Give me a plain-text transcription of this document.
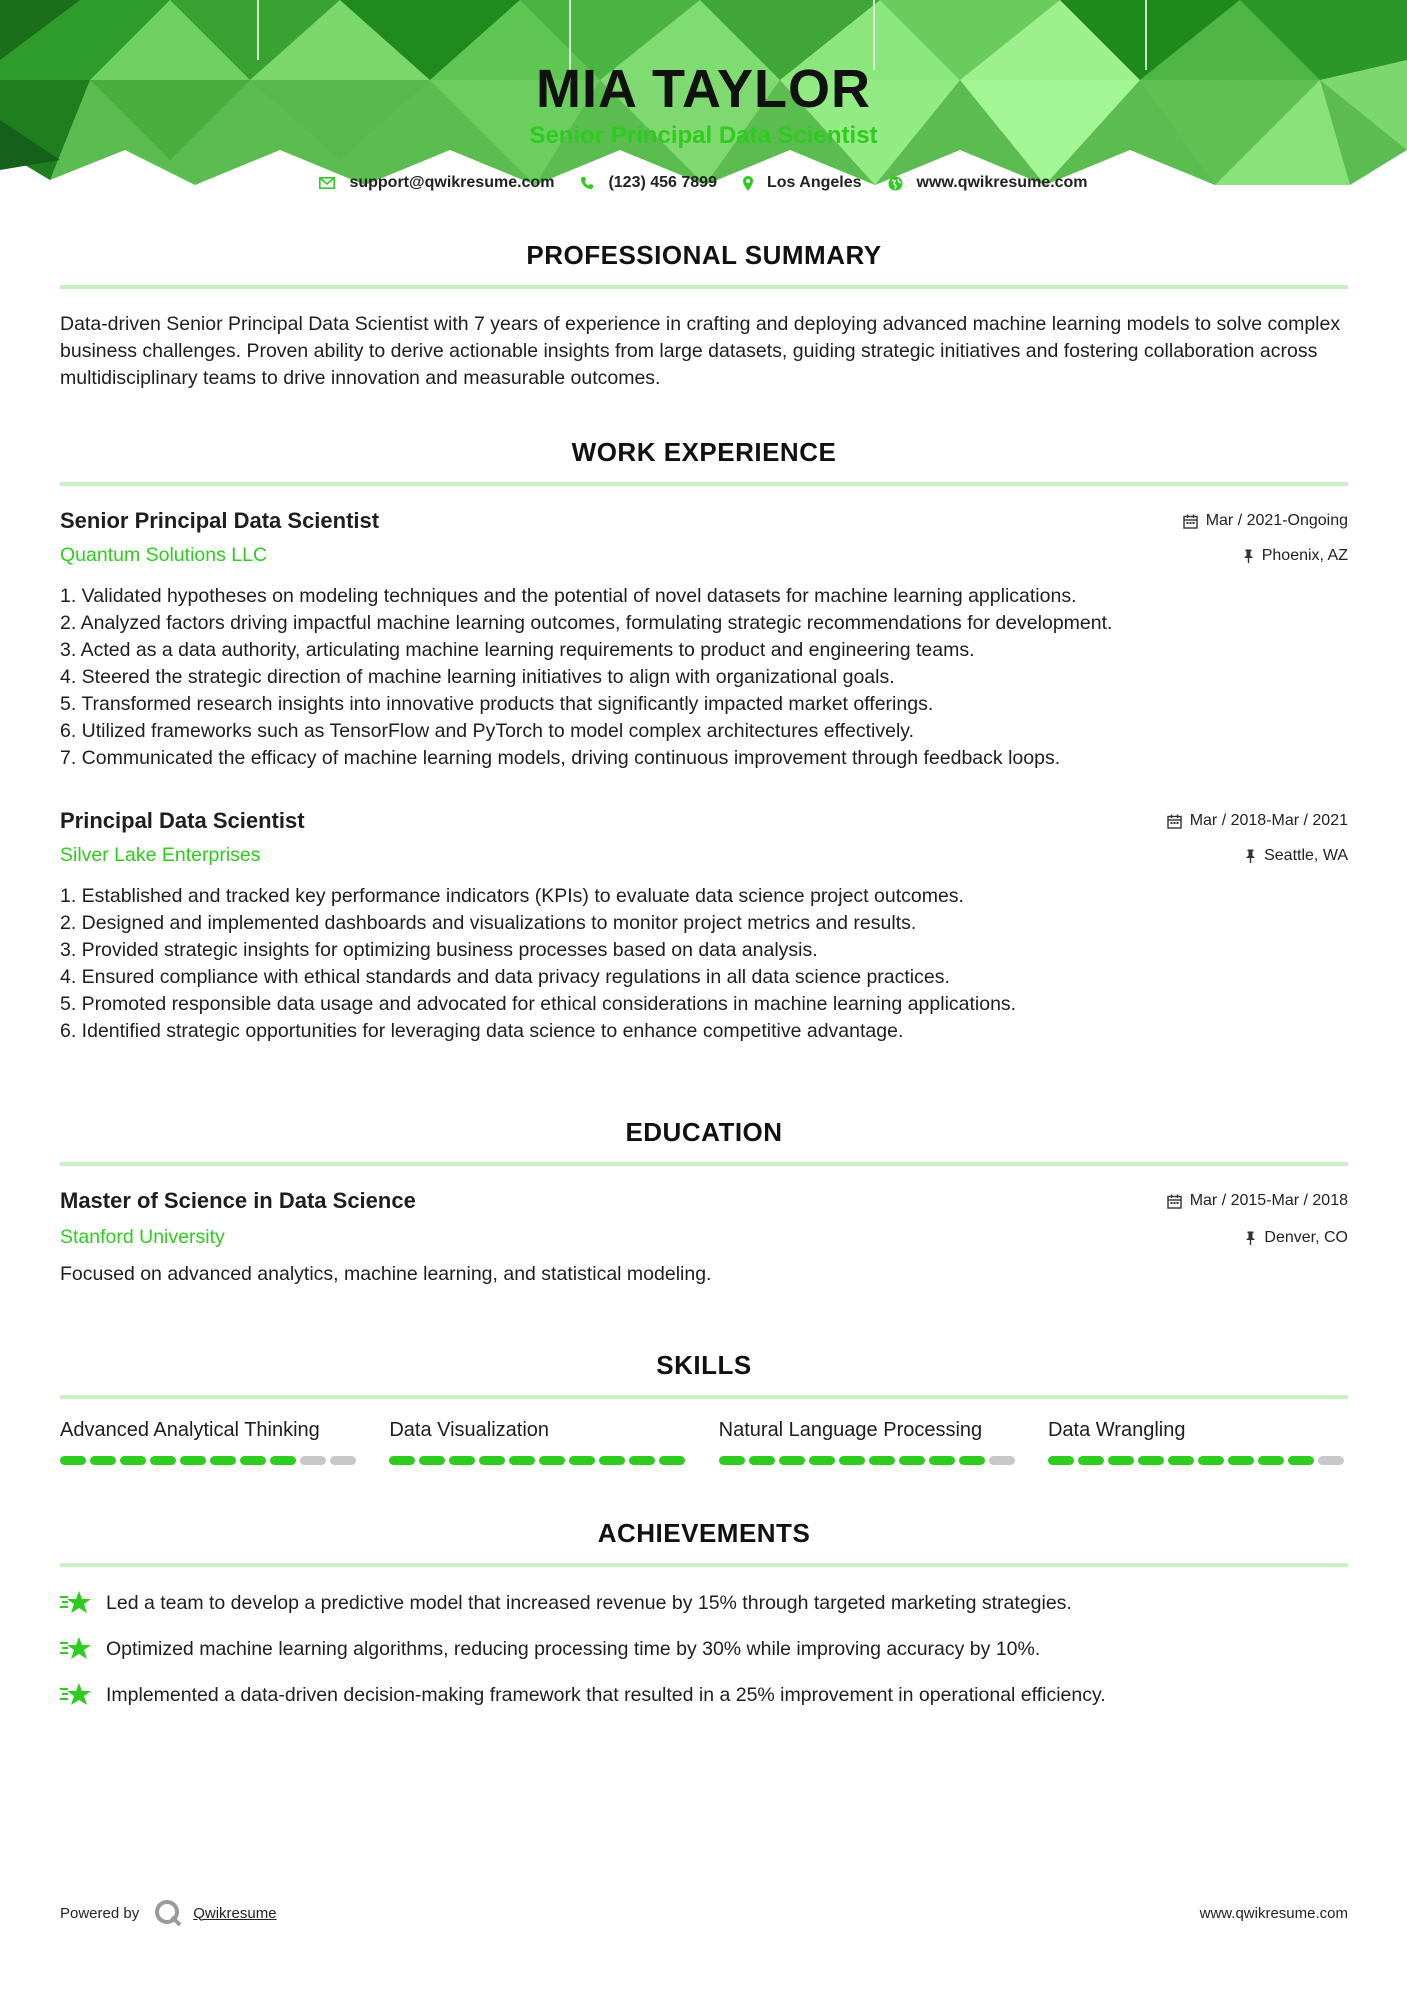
MIA TAYLOR
Senior Principal Data Scientist
support@qwikresume.com	(123) 456 7899	Los Angeles	www.qwikresume.com
PROFESSIONAL SUMMARY

Data-driven Senior Principal Data Scientist with 7 years of experience in crafting and deploying advanced machine learning models to solve complex business challenges. Proven ability to derive actionable insights from large datasets, guiding strategic initiatives and fostering collaboration across multidisciplinary teams to drive innovation and measurable outcomes.

WORK EXPERIENCE
Senior Principal Data Scientist	Mar / 2021-Ongoing
Quantum Solutions LLC	Phoenix, AZ
1. Validated hypotheses on modeling techniques and the potential of novel datasets for machine learning applications.
2. Analyzed factors driving impactful machine learning outcomes, formulating strategic recommendations for development.
3. Acted as a data authority, articulating machine learning requirements to product and engineering teams.
4. Steered the strategic direction of machine learning initiatives to align with organizational goals.
5. Transformed research insights into innovative products that significantly impacted market offerings.
6. Utilized frameworks such as TensorFlow and PyTorch to model complex architectures effectively.
7. Communicated the efficacy of machine learning models, driving continuous improvement through feedback loops.
Principal Data Scientist	Mar / 2018-Mar / 2021
Silver Lake Enterprises	Seattle, WA
1. Established and tracked key performance indicators (KPIs) to evaluate data science project outcomes.
2. Designed and implemented dashboards and visualizations to monitor project metrics and results.
3. Provided strategic insights for optimizing business processes based on data analysis.
4. Ensured compliance with ethical standards and data privacy regulations in all data science practices.
5. Promoted responsible data usage and advocated for ethical considerations in machine learning applications.
6. Identified strategic opportunities for leveraging data science to enhance competitive advantage.
EDUCATION
Master of Science in Data Science	Mar / 2015-Mar / 2018
Stanford University	Denver, CO

Focused on advanced analytics, machine learning, and statistical modeling.

SKILLS
Advanced Analytical Thinking	Data Visualization	Natural Language Processing	Data Wrangling
ACHIEVEMENTS
Led a team to develop a predictive model that increased revenue by 15% through targeted marketing strategies.
Optimized machine learning algorithms, reducing processing time by 30% while improving accuracy by 10%.
Implemented a data-driven decision-making framework that resulted in a 25% improvement in operational efficiency.
Powered by	Qwikresume	www.qwikresume.com
